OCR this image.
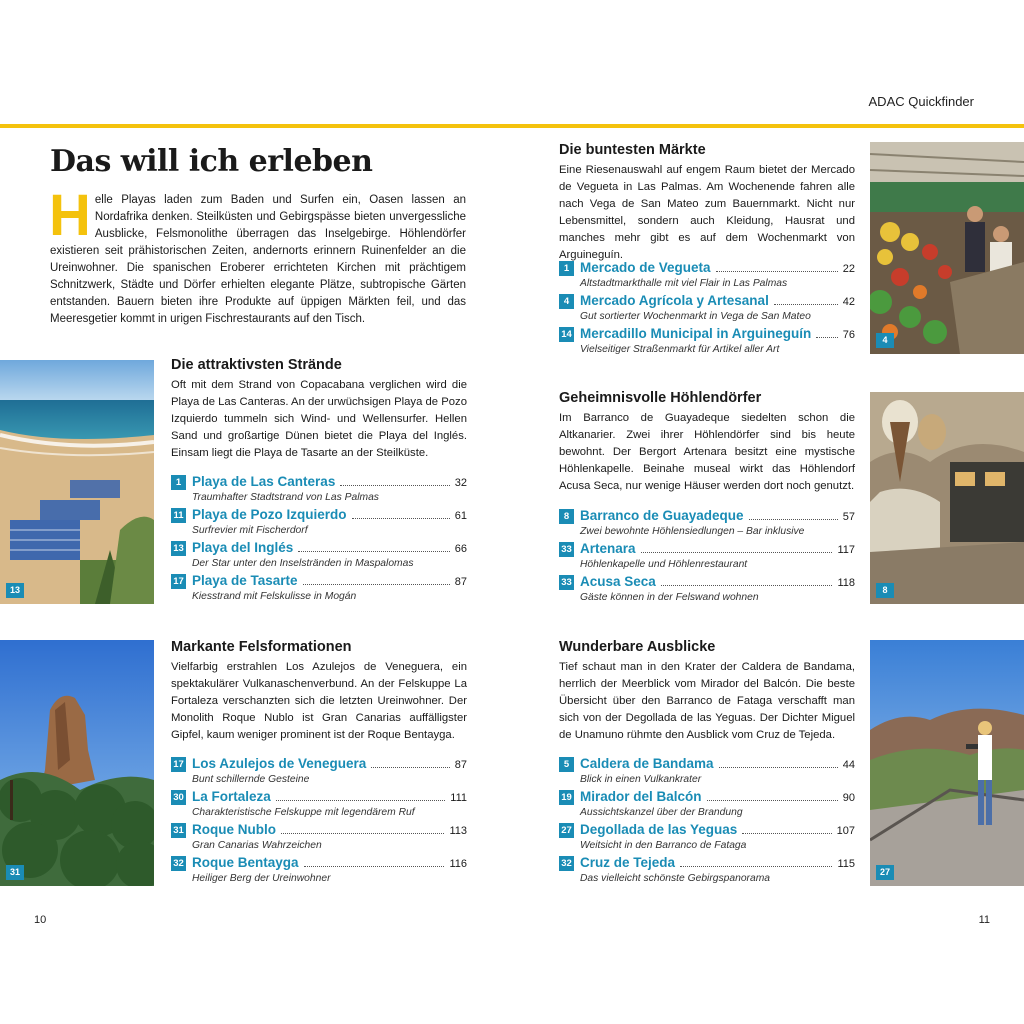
ADAC Quickfinder
Das will ich erleben
Helle Playas laden zum Baden und Surfen ein, Oasen lassen an Nordafrika denken. Steilküsten und Gebirgspässe bieten unvergessliche Ausblicke, Felsmonolithe überragen das Inselgebirge. Höhlendörfer existieren seit prähistorischen Zeiten, andernorts erinnern Ruinenfelder an die Ureinwohner. Die spanischen Eroberer errichteten Kirchen mit prächtigem Schnitzwerk, Städte und Dörfer erhielten elegante Plätze, subtropische Gärten entstanden. Bauern bieten ihre Produkte auf üppigen Märkten feil, und das Meeresgetier kommt in urigen Fischrestaurants auf den Tisch.
13
Die attraktivsten Strände

Oft mit dem Strand von Copacabana verglichen wird die Playa de Las Canteras. An der urwüchsigen Playa de Pozo Izquierdo tummeln sich Wind- und Wellensurfer. Hellen Sand und großartige Dünen bietet die Playa del Inglés. Einsam liegt die Playa de Tasarte an der Steilküste.

1 Playa de Las Canteras	32
Traumhafter Stadtstrand von Las Palmas
11 Playa de Pozo Izquierdo	61
Surfrevier mit Fischerdorf
13 Playa del Inglés	66
Der Star unter den Inselstränden in Maspalomas
17 Playa de Tasarte	87
Kiesstrand mit Felskulisse in Mogán
31
Markante Felsformationen

Vielfarbig erstrahlen Los Azulejos de Veneguera, ein spektakulärer Vulkanaschenverbund. An der Felskuppe La Fortaleza verschanzten sich die letzten Ureinwohner. Der Monolith Roque Nublo ist Gran Canarias auffälligster Gipfel, kaum weniger prominent ist der Roque Bentayga.

17 Los Azulejos de Veneguera	87
Bunt schillernde Gesteine
30 La Fortaleza	111
Charakteristische Felskuppe mit legendärem Ruf
31 Roque Nublo	113
Gran Canarias Wahrzeichen
32 Roque Bentayga	116
Heiliger Berg der Ureinwohner
Die buntesten Märkte

Eine Riesenauswahl auf engem Raum bietet der Mercado de Vegueta in Las Palmas. Am Wochenende fahren alle nach Vega de San Mateo zum Bauernmarkt. Nicht nur Lebensmittel, sondern auch Kleidung, Hausrat und manches mehr gibt es auf dem Wochenmarkt von Arguineguín.

1 Mercado de Vegueta	22
Altstadtmarkthalle mit viel Flair in Las Palmas
4 Mercado Agrícola y Artesanal	42
Gut sortierter Wochenmarkt in Vega de San Mateo
14 Mercadillo Municipal in Arguineguín	76
Vielseitiger Straßenmarkt für Artikel aller Art
4
Geheimnisvolle Höhlendörfer

Im Barranco de Guayadeque siedelten schon die Altkanarier. Zwei ihrer Höhlendörfer sind bis heute bewohnt. Der Bergort Artenara besitzt eine mystische Höhlenkapelle. Beinahe museal wirkt das Höhlendorf Acusa Seca, nur wenige Häuser werden dort noch genutzt.

8 Barranco de Guayadeque	57
Zwei bewohnte Höhlensiedlungen – Bar inklusive
33 Artenara	117
Höhlenkapelle und Höhlenrestaurant
33 Acusa Seca	118
Gäste können in der Felswand wohnen
8
Wunderbare Ausblicke

Tief schaut man in den Krater der Caldera de Bandama, herrlich der Meerblick vom Mirador del Balcón. Die beste Übersicht über den Barranco de Fataga verschafft man sich von der Degollada de las Yeguas. Der Dichter Miguel de Unamuno rühmte den Ausblick vom Cruz de Tejeda.

5 Caldera de Bandama	44
Blick in einen Vulkankrater
19 Mirador del Balcón	90
Aussichtskanzel über der Brandung
27 Degollada de las Yeguas	107
Weitsicht in den Barranco de Fataga
32 Cruz de Tejeda	115
Das vielleicht schönste Gebirgspanorama
27
10	11
